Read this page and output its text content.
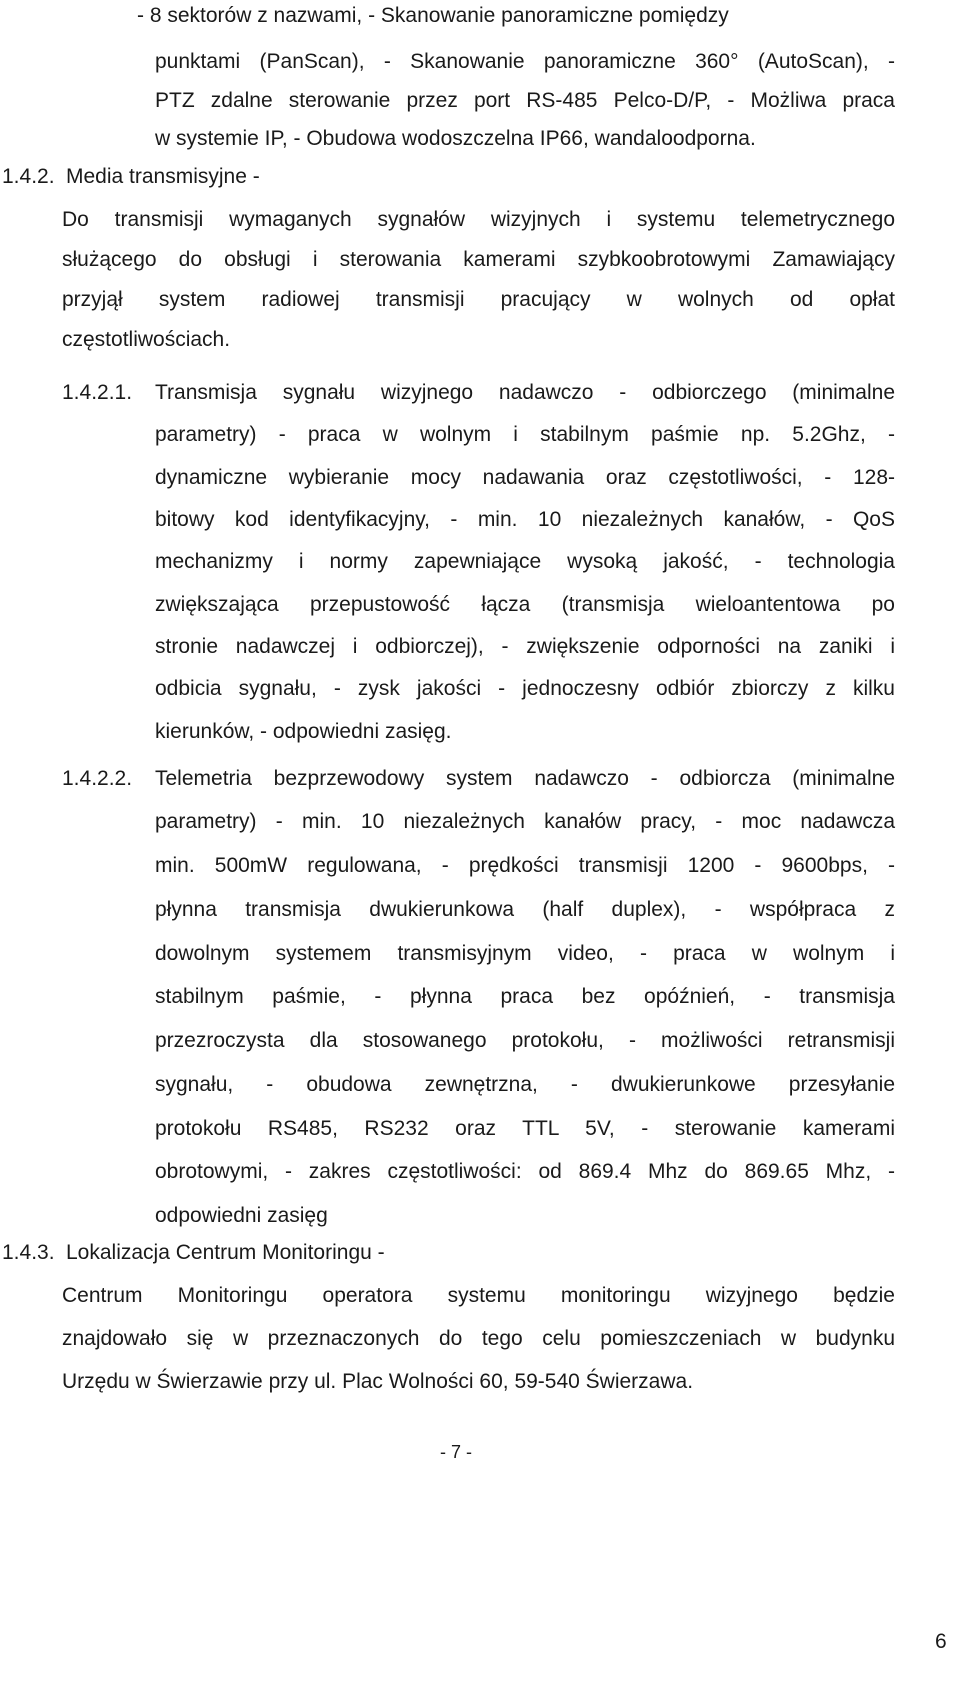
- 8 sektorów z nazwami, - Skanowanie panoramiczne pomiędzy
punktami (PanScan), - Skanowanie panoramiczne 360° (AutoScan), -
PTZ zdalne sterowanie przez port RS-485 Pelco-D/P, - Możliwa praca
w systemie IP, - Obudowa wodoszczelna IP66, wandaloodporna.
1.4.2. Media transmisyjne -
Do transmisji wymaganych sygnałów wizyjnych i systemu telemetrycznego
służącego do obsługi i sterowania kamerami szybkoobrotowymi Zamawiający
przyjął system radiowej transmisji pracujący w wolnych od opłat
częstotliwościach.
1.4.2.1. Transmisja sygnału wizyjnego nadawczo - odbiorczego (minimalne
parametry) - praca w wolnym i stabilnym paśmie np. 5.2Ghz, -
dynamiczne wybieranie mocy nadawania oraz częstotliwości, - 128-
bitowy kod identyfikacyjny, - min. 10 niezależnych kanałów, - QoS
mechanizmy i normy zapewniające wysoką jakość, - technologia
zwiększająca przepustowość łącza (transmisja wieloantentowa po
stronie nadawczej i odbiorczej), - zwiększenie odporności na zaniki i
odbicia sygnału, - zysk jakości - jednoczesny odbiór zbiorczy z kilku
kierunków, - odpowiedni zasięg.
1.4.2.2. Telemetria bezprzewodowy system nadawczo - odbiorcza (minimalne
parametry) - min. 10 niezależnych kanałów pracy, - moc nadawcza
min. 500mW regulowana, - prędkości transmisji 1200 - 9600bps, -
płynna transmisja dwukierunkowa (half duplex), - współpraca z
dowolnym systemem transmisyjnym video, - praca w wolnym i
stabilnym paśmie, - płynna praca bez opóźnień, - transmisja
przezroczysta dla stosowanego protokołu, - możliwości retransmisji
sygnału, - obudowa zewnętrzna, - dwukierunkowe przesyłanie
protokołu RS485, RS232 oraz TTL 5V, - sterowanie kamerami
obrotowymi, - zakres częstotliwości: od 869.4 Mhz do 869.65 Mhz, -
odpowiedni zasięg
1.4.3. Lokalizacja Centrum Monitoringu -
Centrum Monitoringu operatora systemu monitoringu wizyjnego będzie
znajdowało się w przeznaczonych do tego celu pomieszczeniach w budynku
Urzędu w Świerzawie przy ul. Plac Wolności 60, 59-540 Świerzawa.
- 7 -
6
